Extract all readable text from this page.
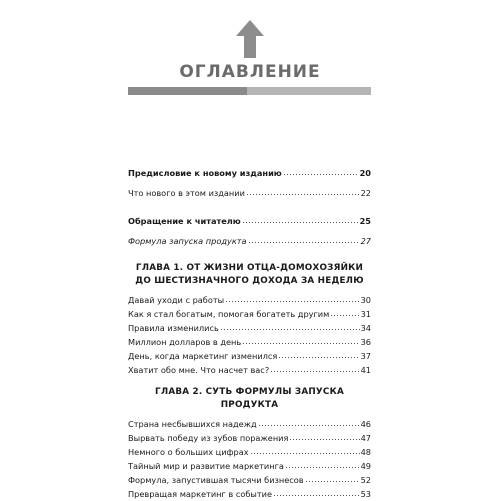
ОГЛАВЛЕНИЕ
Предисловие к новому изданию	20
Что нового в этом издании	22
Обращение к читателю	25
Формула запуска продукта	27
ГЛАВА 1. ОТ ЖИЗНИ ОТЦА-ДОМОХОЗЯЙКИ
ДО ШЕСТИЗНАЧНОГО ДОХОДА ЗА НЕДЕЛЮ
Давай уходи с работы	30
Как я стал богатым, помогая богатеть другим	31
Правила изменились	34
Миллион долларов в день	36
День, когда маркетинг изменился	37
Хватит обо мне. Что насчет вас?	41
ГЛАВА 2. СУТЬ ФОРМУЛЫ ЗАПУСКА ПРОДУКТА
Страна несбывшихся надежд	46
Вырвать победу из зубов поражения	47
Немного о больших цифрах	48
Тайный мир и развитие маркетинга	49
Формула, запустившая тысячи бизнесов	52
Превращая маркетинг в событие	53
